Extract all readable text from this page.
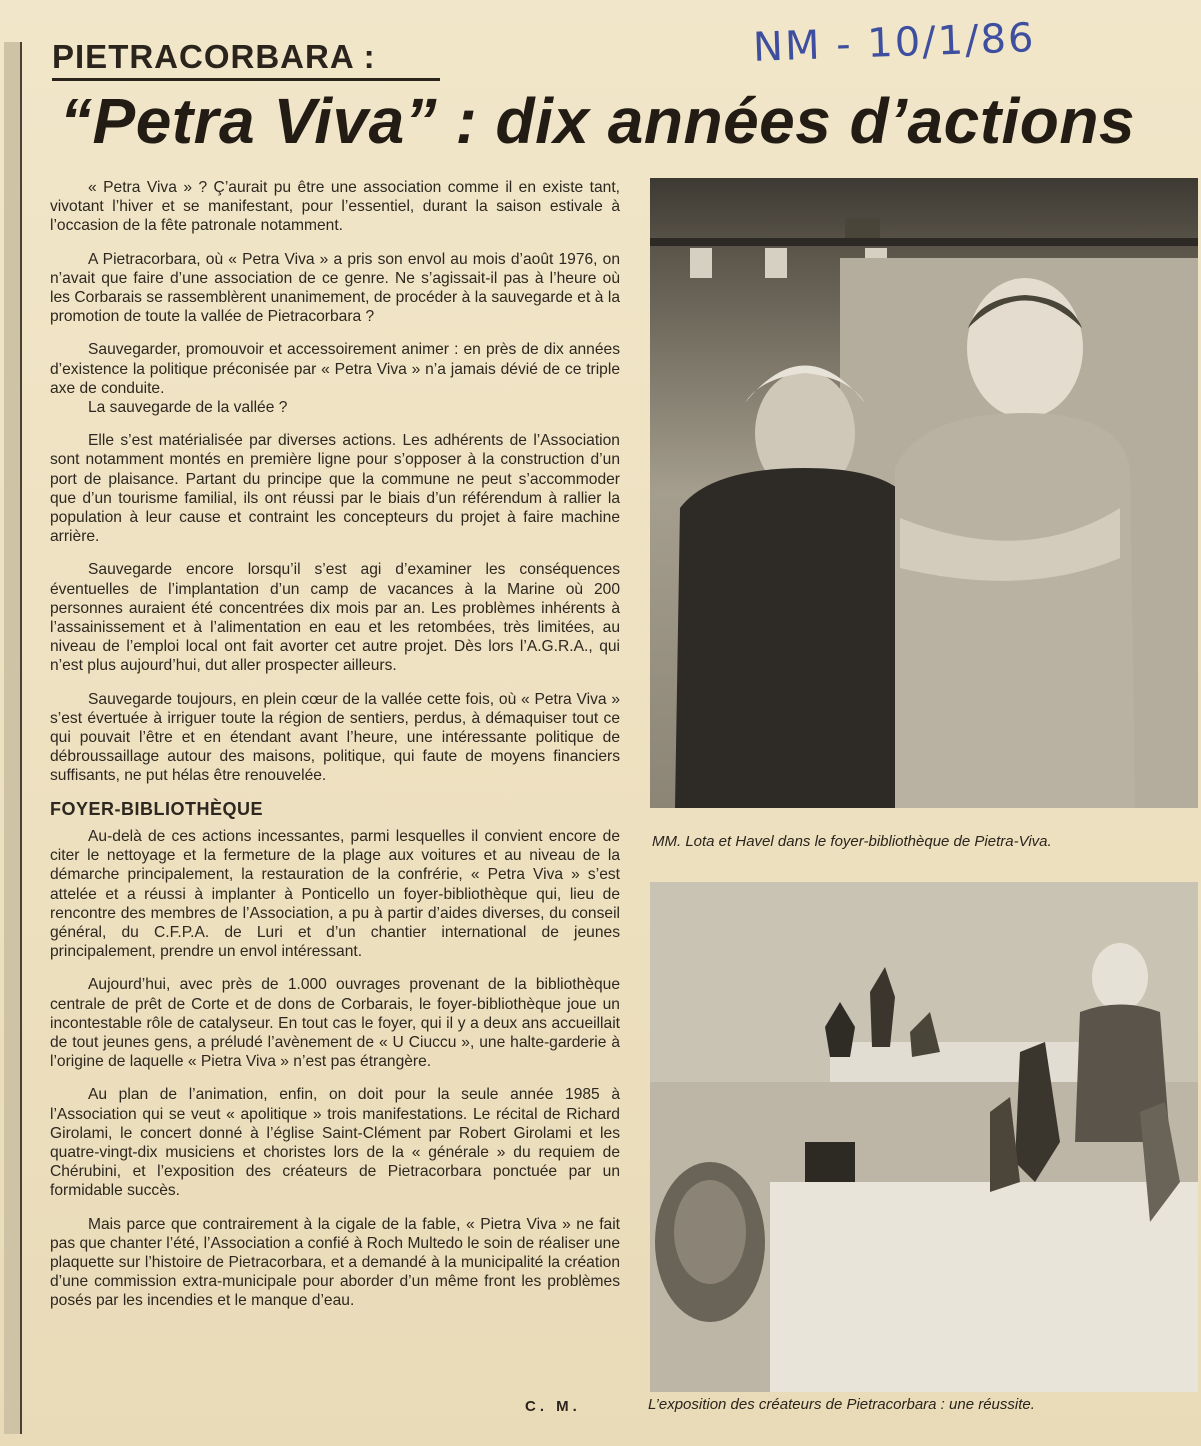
NM - 10/1/86
PIETRACORBARA :
“Petra Viva” : dix années d’actions

« Petra Viva » ? Ç’aurait pu être une association comme il en existe tant, vivotant l’hiver et se manifestant, pour l’essentiel, durant la saison estivale à l’occasion de la fête patronale notamment.

A Pietracorbara, où « Petra Viva » a pris son envol au mois d’août 1976, on n’avait que faire d’une association de ce genre. Ne s’agissait-il pas à l’heure où les Corbarais se rassemblèrent unanimement, de procéder à la sauvegarde et à la promotion de toute la vallée de Pietracorbara ?

Sauvegarder, promouvoir et accessoirement animer : en près de dix années d’existence la politique préconisée par « Petra Viva » n’a jamais dévié de ce triple axe de conduite.

La sauvegarde de la vallée ?

Elle s’est matérialisée par diverses actions. Les adhérents de l’Association sont notamment montés en première ligne pour s’opposer à la construction d’un port de plaisance. Partant du principe que la commune ne peut s’accommoder que d’un tourisme familial, ils ont réussi par le biais d’un référendum à rallier la population à leur cause et contraint les concepteurs du projet à faire machine arrière.

Sauvegarde encore lorsqu’il s’est agi d’examiner les conséquences éventuelles de l’implantation d’un camp de vacances à la Marine où 200 personnes auraient été concentrées dix mois par an. Les problèmes inhérents à l’assainissement et à l’alimentation en eau et les retombées, très limitées, au niveau de l’emploi local ont fait avorter cet autre projet. Dès lors l’A.G.R.A., qui n’est plus aujourd’hui, dut aller prospecter ailleurs.

Sauvegarde toujours, en plein cœur de la vallée cette fois, où « Petra Viva » s’est évertuée à irriguer toute la région de sentiers, perdus, à démaquiser tout ce qui pouvait l’être et en étendant avant l’heure, une intéressante politique de débroussaillage autour des maisons, politique, qui faute de moyens financiers suffisants, ne put hélas être renouvelée.

FOYER-BIBLIOTHÈQUE

Au-delà de ces actions incessantes, parmi lesquelles il convient encore de citer le nettoyage et la fermeture de la plage aux voitures et au niveau de la démarche principalement, la restauration de la confrérie, « Petra Viva » s’est attelée et a réussi à implanter à Ponticello un foyer-bibliothèque qui, lieu de rencontre des membres de l’Association, a pu à partir d’aides diverses, du conseil général, du C.F.P.A. de Luri et d’un chantier international de jeunes principalement, prendre un envol intéressant.

Aujourd’hui, avec près de 1.000 ouvrages provenant de la bibliothèque centrale de prêt de Corte et de dons de Corbarais, le foyer-bibliothèque joue un incontestable rôle de catalyseur. En tout cas le foyer, qui il y a deux ans accueillait de tout jeunes gens, a préludé l’avènement de « U Ciuccu », une halte-garderie à l’origine de laquelle « Pietra Viva » n’est pas étrangère.

Au plan de l’animation, enfin, on doit pour la seule année 1985 à l’Association qui se veut « apolitique » trois manifestations. Le récital de Richard Girolami, le concert donné à l’église Saint-Clément par Robert Girolami et les quatre-vingt-dix musiciens et choristes lors de la « générale » du requiem de Chérubini, et l’exposition des créateurs de Pietracorbara ponctuée par un formidable succès.

Mais parce que contrairement à la cigale de la fable, « Pietra Viva » ne fait pas que chanter l’été, l’Association a confié à Roch Multedo le soin de réaliser une plaquette sur l’histoire de Pietracorbara, et a demandé à la municipalité la création d’une commission extra-municipale pour aborder d’un même front les problèmes posés par les incendies et le manque d’eau.

C. M.
MM. Lota et Havel dans le foyer-bibliothèque de Pietra-Viva.
L’exposition des créateurs de Pietracorbara : une réussite.
